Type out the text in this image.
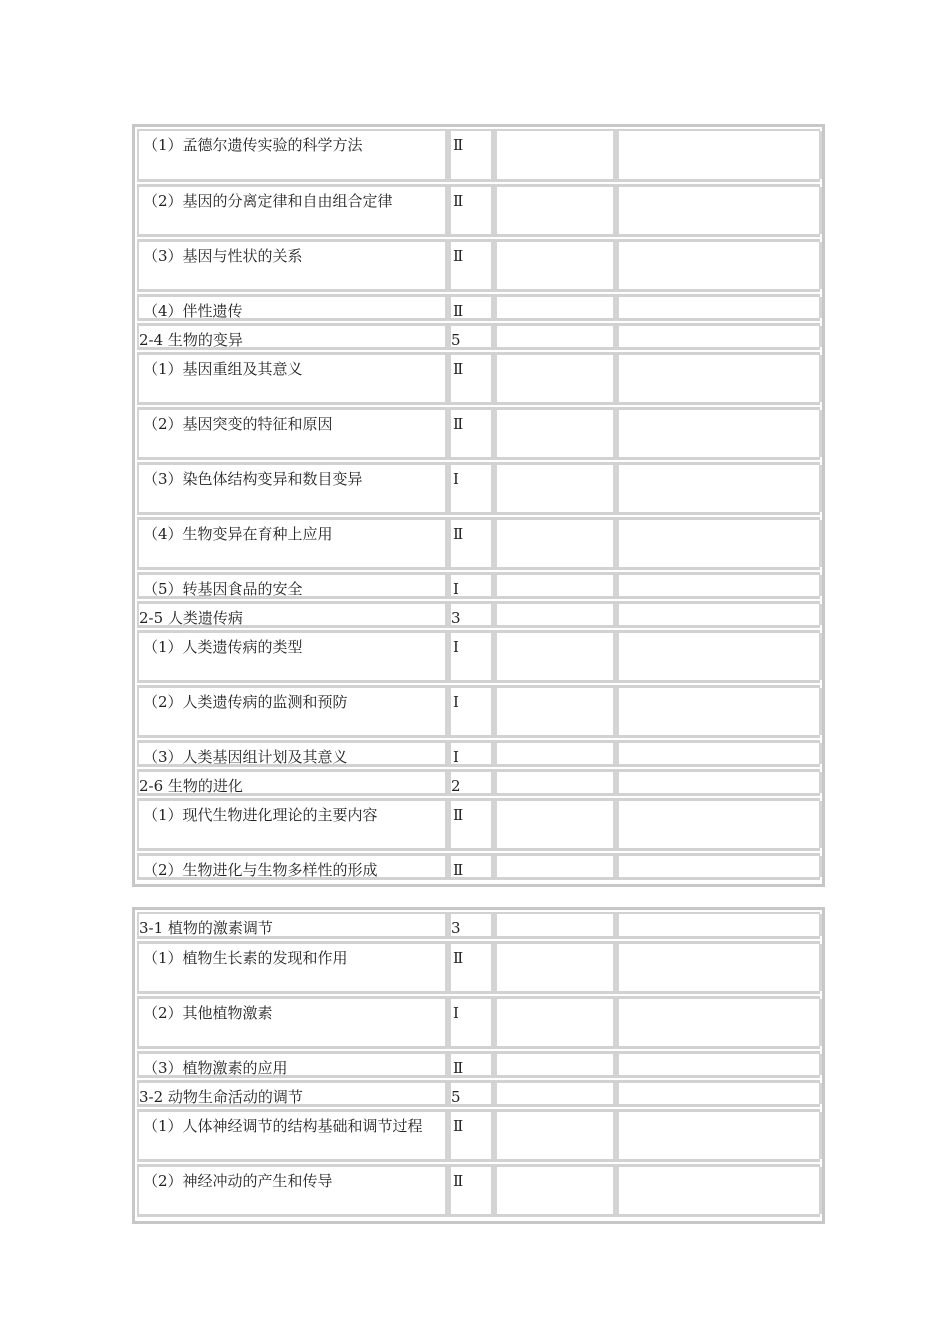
（1）孟德尔遗传实验的科学方法	Ⅱ
（2）基因的分离定律和自由组合定律	Ⅱ
（3）基因与性状的关系	Ⅱ
（4）伴性遗传	Ⅱ
2-4 生物的变异	5
（1）基因重组及其意义	Ⅱ
（2）基因突变的特征和原因	Ⅱ
（3）染色体结构变异和数目变异	Ⅰ
（4）生物变异在育种上应用	Ⅱ
（5）转基因食品的安全	Ⅰ
2-5 人类遗传病	3
（1）人类遗传病的类型	Ⅰ
（2）人类遗传病的监测和预防	Ⅰ
（3）人类基因组计划及其意义	Ⅰ
2-6 生物的进化	2
（1）现代生物进化理论的主要内容	Ⅱ
（2）生物进化与生物多样性的形成	Ⅱ
3-1 植物的激素调节	3
（1）植物生长素的发现和作用	Ⅱ
（2）其他植物激素	Ⅰ
（3）植物激素的应用	Ⅱ
3-2 动物生命活动的调节	5
（1）人体神经调节的结构基础和调节过程 Ⅱ
（2）神经冲动的产生和传导	Ⅱ
